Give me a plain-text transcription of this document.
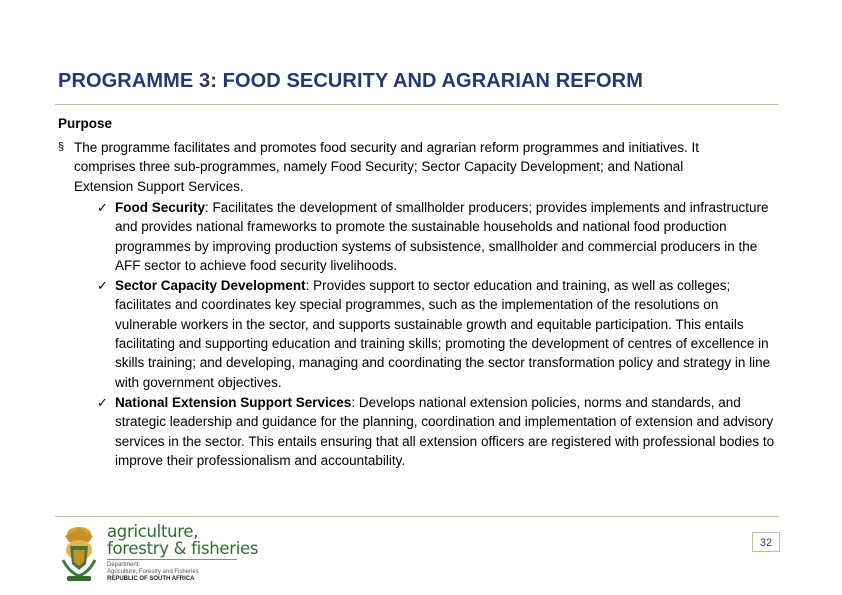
PROGRAMME 3: FOOD SECURITY AND AGRARIAN REFORM
Purpose
§ The programme facilitates and promotes food security and agrarian reform programmes and initiatives. It comprises three sub-programmes, namely Food Security; Sector Capacity Development; and National Extension Support Services.
✓ Food Security: Facilitates the development of smallholder producers; provides implements and infrastructure and provides national frameworks to promote the sustainable households and national food production programmes by improving production systems of subsistence, smallholder and commercial producers in the AFF sector to achieve food security livelihoods.
✓ Sector Capacity Development: Provides support to sector education and training, as well as colleges; facilitates and coordinates key special programmes, such as the implementation of the resolutions on vulnerable workers in the sector, and supports sustainable growth and equitable participation. This entails facilitating and supporting education and training skills; promoting the development of centres of excellence in skills training; and developing, managing and coordinating the sector transformation policy and strategy in line with government objectives.
✓ National Extension Support Services: Develops national extension policies, norms and standards, and strategic leadership and guidance for the planning, coordination and implementation of extension and advisory services in the sector. This entails ensuring that all extension officers are registered with professional bodies to improve their professionalism and accountability.
agriculture,
forestry & fisheries
Department:
Agriculture, Forestry and Fisheries
REPUBLIC OF SOUTH AFRICA
32
